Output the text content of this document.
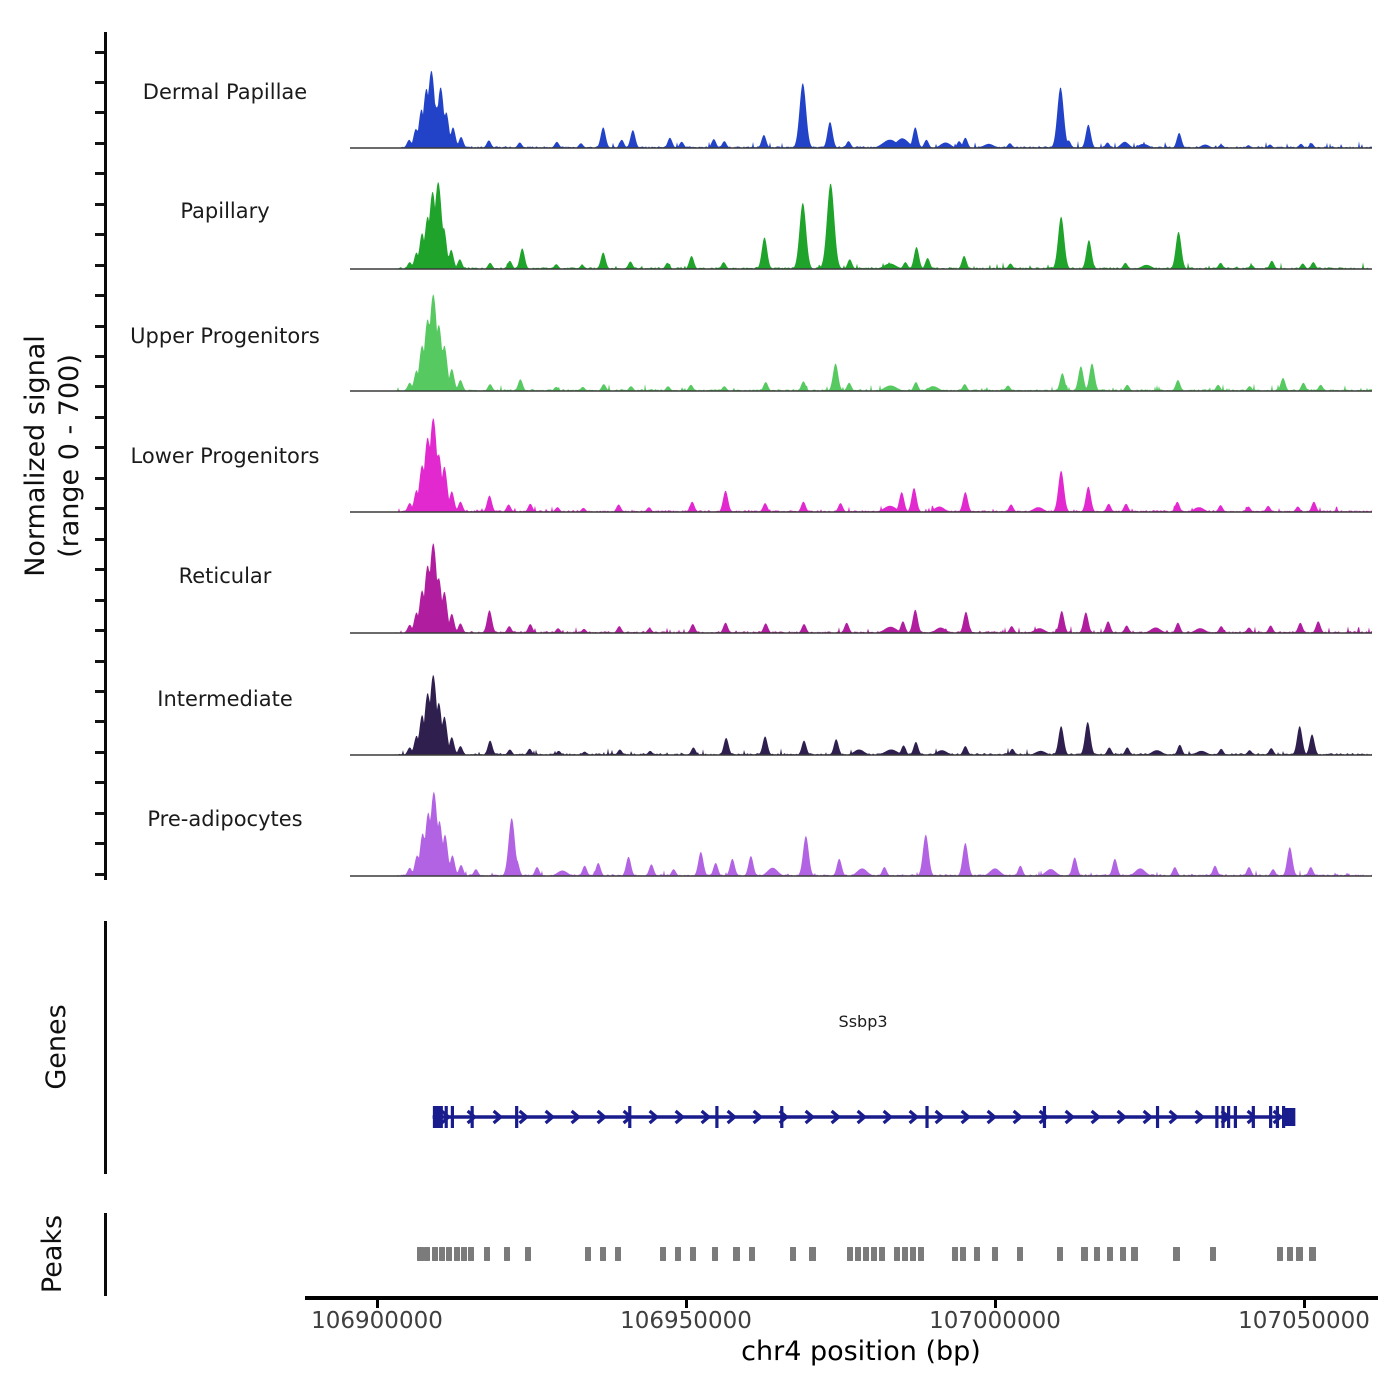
Normalized signal (range 0 - 700)
Genes
Peaks
Dermal Papillae
Papillary
Upper Progenitors
Lower Progenitors
Reticular
Intermediate
Pre-adipocytes
Ssbp3
106900000	106950000	107000000	107050000
chr4 position (bp)
